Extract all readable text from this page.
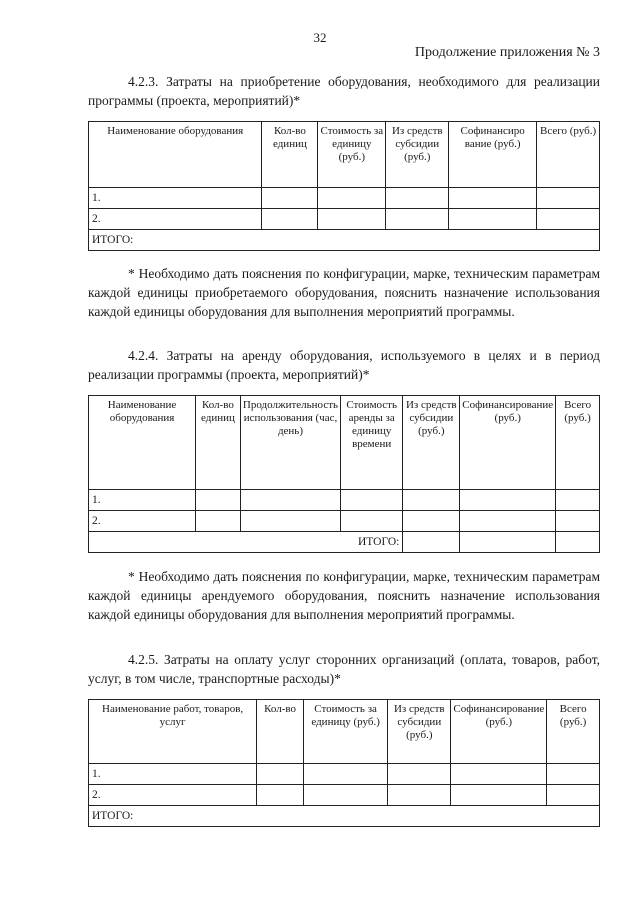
32
Продолжение приложения № 3

4.2.3. Затраты на приобретение оборудования, необходимого для реализации программы (проекта, мероприятий)*

Наименование оборудования	Кол-во единиц	Стоимость за единицу (руб.)	Из средств субсидии (руб.)	Софинансиро вание (руб.)	Всего (руб.)
1.					
2.					
ИТОГО:					

* Необходимо дать пояснения по конфигурации, марке, техническим параметрам каждой единицы приобретаемого оборудования, пояснить назначение использования каждой единицы оборудования для выполнения мероприятий программы.

4.2.4. Затраты на аренду оборудования, используемого в целях и в период реализации программы (проекта, мероприятий)*

Наименование оборудования	Кол-во единиц	Продолжительность использования (час, день)	Стоимость аренды за единицу времени	Из средств субсидии (руб.)	Софинансирование (руб.)	Всего (руб.)
1.						
2.						
ИТОГО:						

* Необходимо дать пояснения по конфигурации, марке, техническим параметрам каждой единицы арендуемого оборудования, пояснить назначение использования каждой единицы оборудования для выполнения мероприятий программы.

4.2.5. Затраты на оплату услуг сторонних организаций (оплата, товаров, работ, услуг, в том числе, транспортные расходы)*

Наименование работ, товаров, услуг	Кол-во	Стоимость за единицу (руб.)	Из средств субсидии (руб.)	Софинансирование (руб.)	Всего (руб.)
1.					
2.					
ИТОГО:					
